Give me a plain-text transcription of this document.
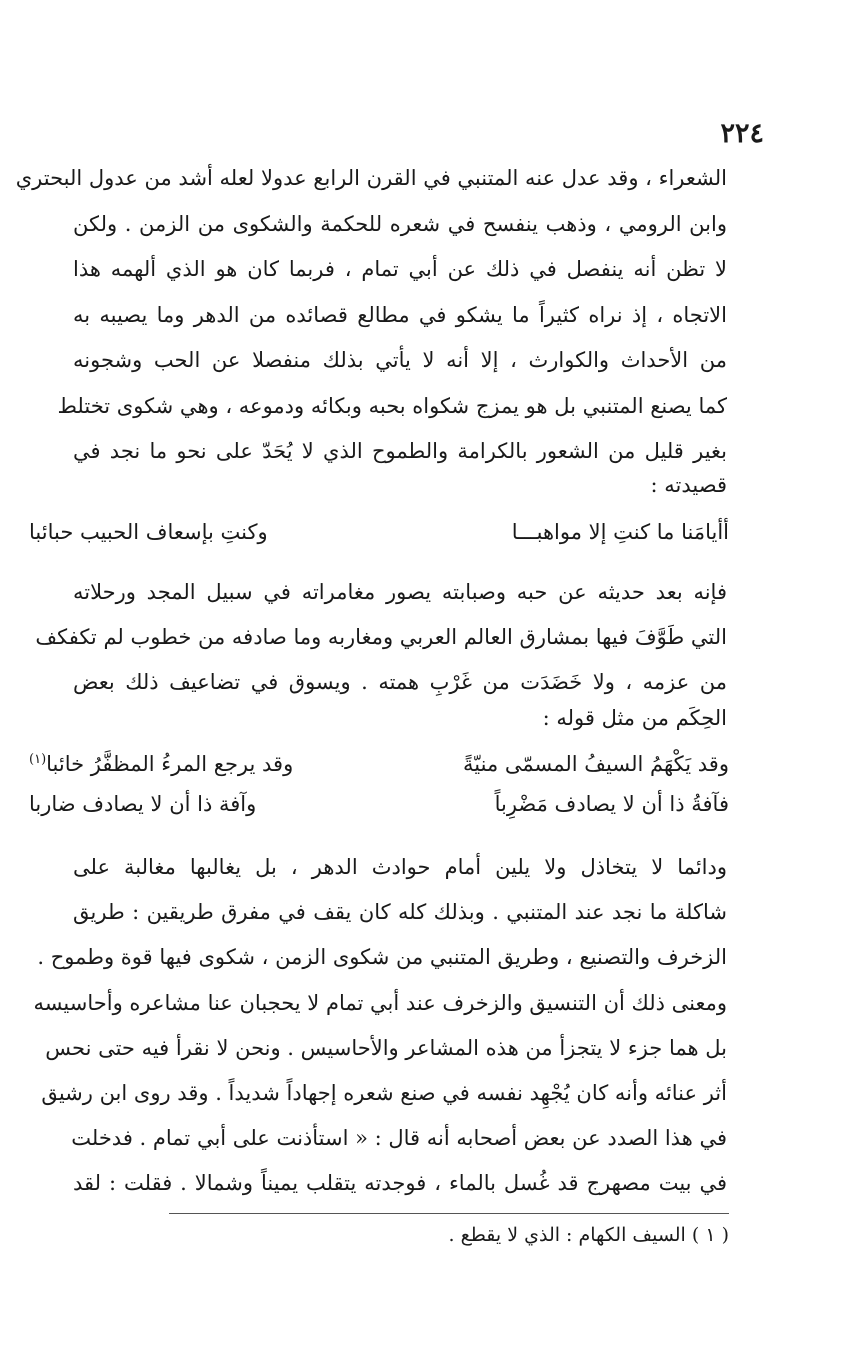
٢٢٤
الشعراء ، وقد عدل عنه المتنبي في القرن الرابع عدولا لعله أشد من عدول البحتري
وابن الرومي ، وذهب ينفسح في شعره للحكمة والشكوى من الزمن . ولكن
لا تظن أنه ينفصل في ذلك عن أبي تمام ، فربما كان هو الذي ألهمه هذا
الاتجاه ، إذ نراه كثيراً ما يشكو في مطالع قصائده من الدهر وما يصيبه به
من الأحداث والكوارث ، إلا أنه لا يأتي بذلك منفصلا عن الحب وشجونه
كما يصنع المتنبي بل هو يمزج شكواه بحبه وبكائه ودموعه ، وهي شكوى تختلط
بغير قليل من الشعور بالكرامة والطموح الذي لا يُحَدّ على نحو ما نجد في
قصيدته :
أأيامَنا ما كنتِ إلا مواهبـــا
وكنتِ بإسعاف الحبيب حبائبا
فإنه بعد حديثه عن حبه وصبابته يصور مغامراته في سبيل المجد ورحلاته
التي طَوَّفَ فيها بمشارق العالم العربي ومغاربه وما صادفه من خطوب لم تكفكف
من عزمه ، ولا خَضَدَت من غَرْبِ همته . ويسوق في تضاعيف ذلك بعض
الحِكَم من مثل قوله :
وقد يَكْهَمُ السيفُ المسمّى منيّةً
وقد يرجع المرءُ المظفَّرُ خائبا$^{(١)}$
فآفةُ ذا أن لا يصادف مَضْرِباً
وآفة ذا أن لا يصادف ضاربا
ودائما لا يتخاذل ولا يلين أمام حوادث الدهر ، بل يغالبها مغالبة على
شاكلة ما نجد عند المتنبي . وبذلك كله كان يقف في مفرق طريقين : طريق
الزخرف والتصنيع ، وطريق المتنبي من شكوى الزمن ، شكوى فيها قوة وطموح .
ومعنى ذلك أن التنسيق والزخرف عند أبي تمام لا يحجبان عنا مشاعره وأحاسيسه
بل هما جزء لا يتجزأ من هذه المشاعر والأحاسيس . ونحن لا نقرأ فيه حتى نحس
أثر عنائه وأنه كان يُجْهِد نفسه في صنع شعره إجهاداً شديداً . وقد روى ابن رشيق
في هذا الصدد عن بعض أصحابه أنه قال : « استأذنت على أبي تمام . فدخلت
في بيت مصهرج قد غُسل بالماء ، فوجدته يتقلب يميناً وشمالا . فقلت : لقد
( ١ ) السيف الكهام : الذي لا يقطع .
